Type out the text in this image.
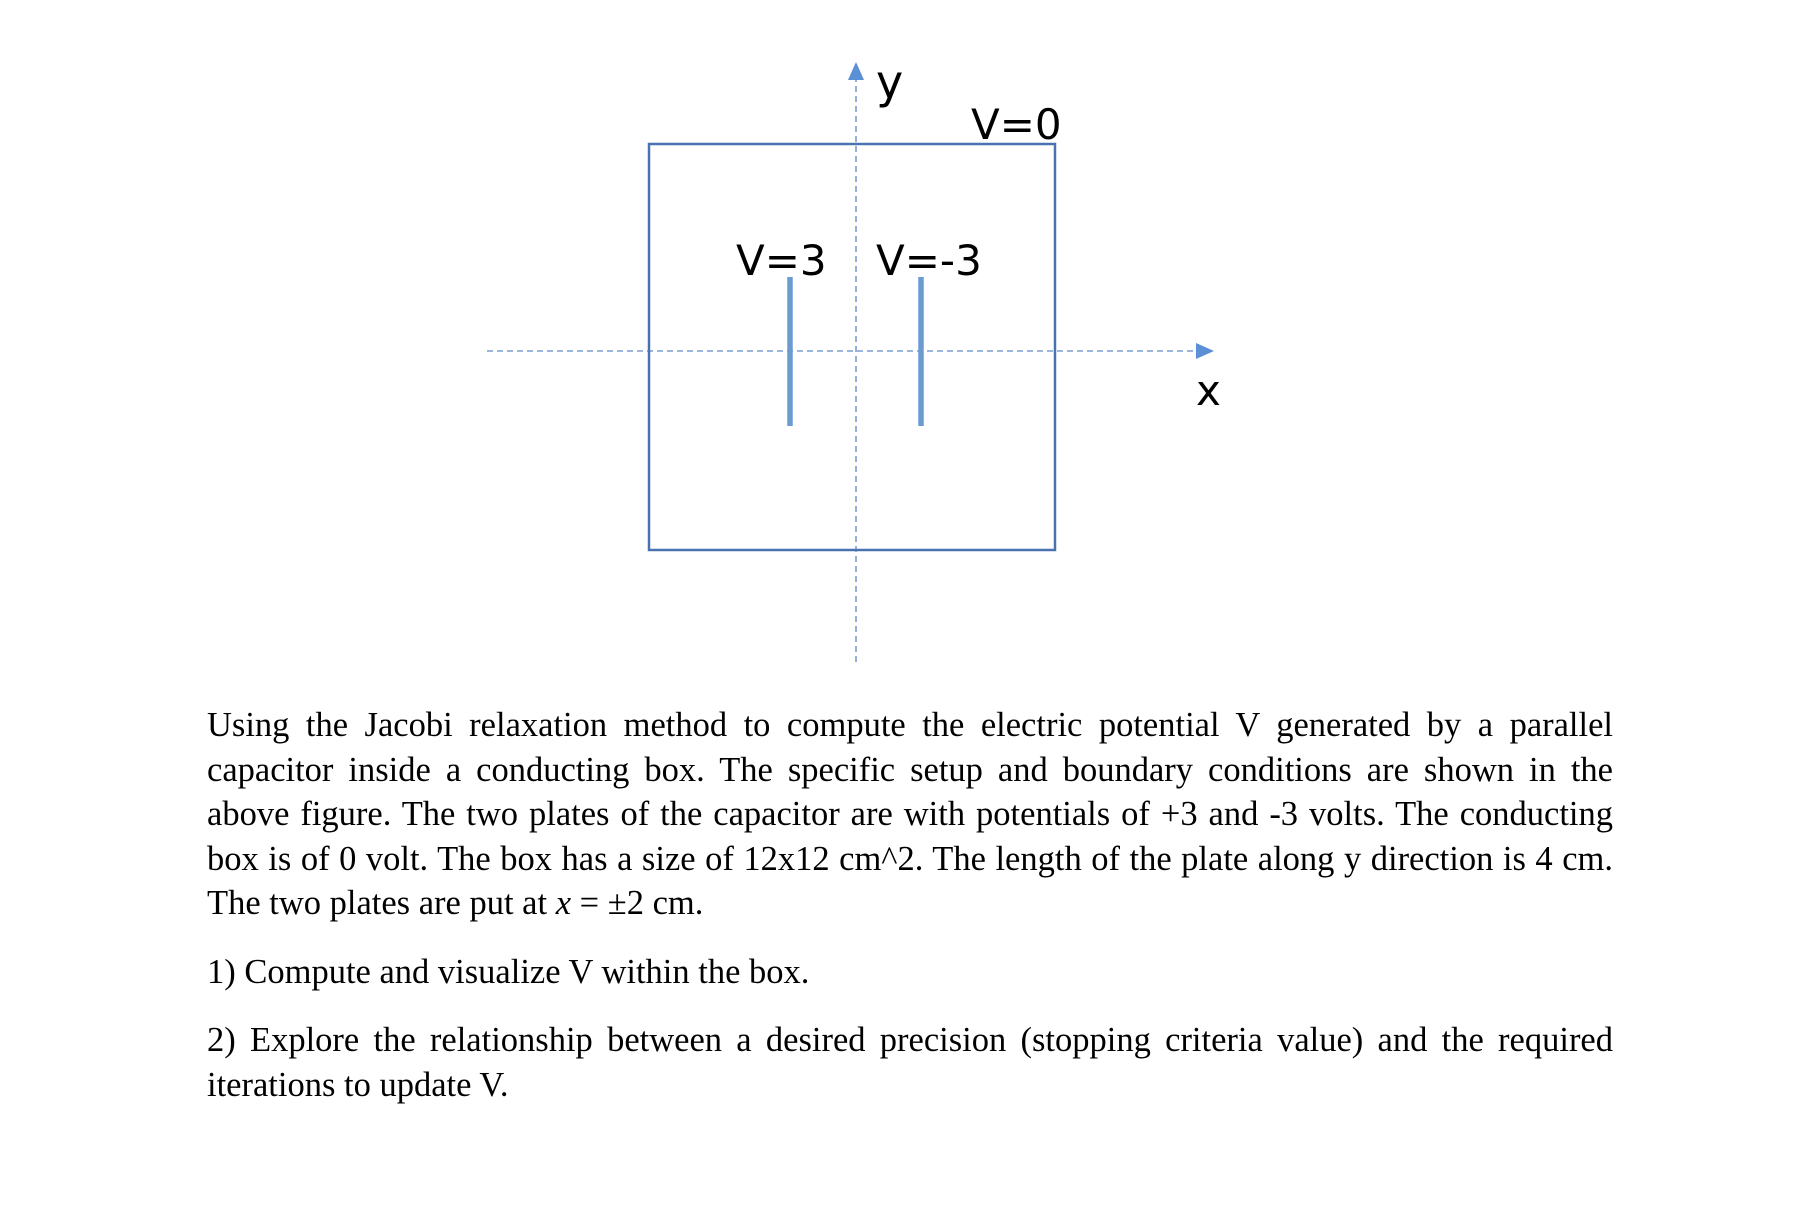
y
V=0
V=3 V=-3
x

Using the Jacobi relaxation method to compute the electric potential V generated by a parallel capacitor inside a conducting box. The specific setup and boundary conditions are shown in the above figure. The two plates of the capacitor are with potentials of +3 and -3 volts. The conducting box is of 0 volt. The box has a size of 12x12 cm^2. The length of the plate along y direction is 4 cm. The two plates are put at x = ±2 cm.

1) Compute and visualize V within the box.

2) Explore the relationship between a desired precision (stopping criteria value) and the required iterations to update V.
